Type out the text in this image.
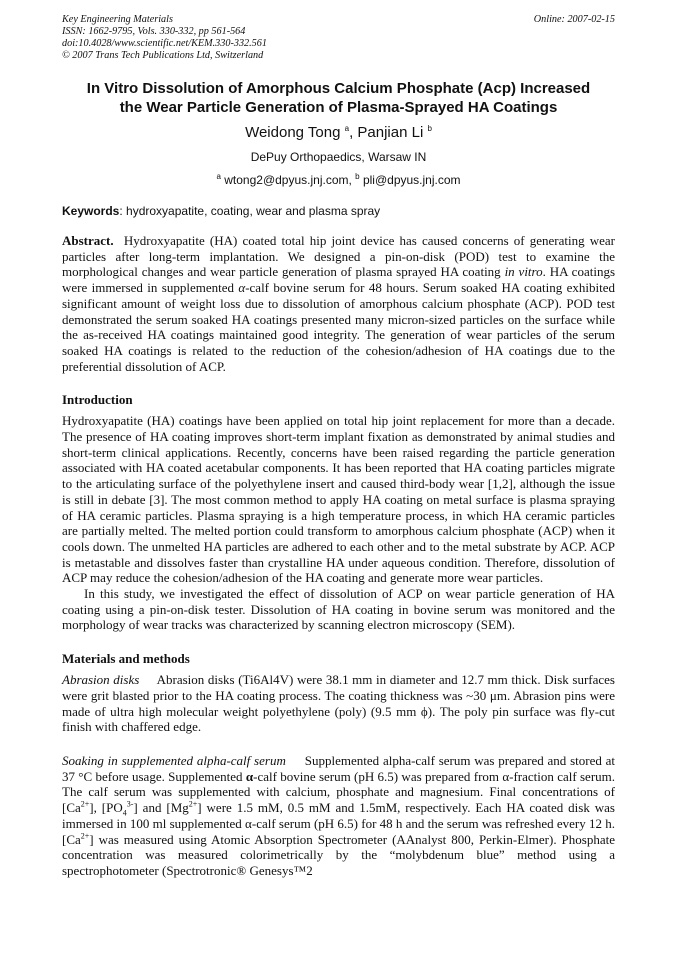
Key Engineering Materials
ISSN: 1662-9795, Vols. 330-332, pp 561-564
doi:10.4028/www.scientific.net/KEM.330-332.561
© 2007 Trans Tech Publications Ltd, Switzerland
Online: 2007-02-15
In Vitro Dissolution of Amorphous Calcium Phosphate (Acp) Increased
the Wear Particle Generation of Plasma-Sprayed HA Coatings
Weidong Tong $^a$, Panjian Li $^b$
DePuy Orthopaedics, Warsaw IN
$^a$ wtong2@dpyus.jnj.com, $^b$ pli@dpyus.jnj.com
Keywords: hydroxyapatite, coating, wear and plasma spray

Abstract. Hydroxyapatite (HA) coated total hip joint device has caused concerns of generating wear particles after long-term implantation. We designed a pin-on-disk (POD) test to examine the morphological changes and wear particle generation of plasma sprayed HA coating in vitro. HA coatings were immersed in supplemented α-calf bovine serum for 48 hours. Serum soaked HA coating exhibited significant amount of weight loss due to dissolution of amorphous calcium phosphate (ACP). POD test demonstrated the serum soaked HA coatings presented many micron-sized particles on the surface while the as-received HA coatings maintained good integrity. The generation of wear particles of the serum soaked HA coatings is related to the reduction of the cohesion/adhesion of HA coatings due to the preferential dissolution of ACP.

Introduction

Hydroxyapatite (HA) coatings have been applied on total hip joint replacement for more than a decade. The presence of HA coating improves short-term implant fixation as demonstrated by animal studies and short-term clinical applications. Recently, concerns have been raised regarding the particle generation associated with HA coated acetabular components. It has been reported that HA coating particles migrate to the articulating surface of the polyethylene insert and caused third-body wear [1,2], although the issue is still in debate [3]. The most common method to apply HA coating on metal surface is plasma spraying of HA ceramic particles. Plasma spraying is a high temperature process, in which HA ceramic particles are partially melted. The melted portion could transform to amorphous calcium phosphate (ACP) when it cools down. The unmelted HA particles are adhered to each other and to the metal substrate by ACP. ACP is metastable and dissolves faster than crystalline HA under aqueous condition. Therefore, dissolution of ACP may reduce the cohesion/adhesion of the HA coating and generate more wear particles.

In this study, we investigated the effect of dissolution of ACP on wear particle generation of HA coating using a pin-on-disk tester. Dissolution of HA coating in bovine serum was monitored and the morphology of wear tracks was characterized by scanning electron microscopy (SEM).

Materials and methods

Abrasion disks Abrasion disks (Ti6Al4V) were 38.1 mm in diameter and 12.7 mm thick. Disk surfaces were grit blasted prior to the HA coating process. The coating thickness was ~30 μm. Abrasion pins were made of ultra high molecular weight polyethylene (poly) (9.5 mm ϕ). The poly pin surface was fly-cut finish with chaffered edge.

Soaking in supplemented alpha-calf serum Supplemented alpha-calf serum was prepared and stored at 37 °C before usage. Supplemented α-calf bovine serum (pH 6.5) was prepared from α-fraction calf serum. The calf serum was supplemented with calcium, phosphate and magnesium. Final concentrations of $[Ca^{2+}]$, $[PO_4^{3-}]$ and $[Mg^{2+}]$ were 1.5 mM, 0.5 mM and 1.5mM, respectively. Each HA coated disk was immersed in 100 ml supplemented α-calf serum (pH 6.5) for 48 h and the serum was refreshed every 12 h. $[Ca^{2+}]$ was measured using Atomic Absorption Spectrometer (AAnalyst 800, Perkin-Elmer). Phosphate concentration was measured colorimetrically by the “molybdenum blue” method using a spectrophotometer (Spectrotronic® Genesys™2
